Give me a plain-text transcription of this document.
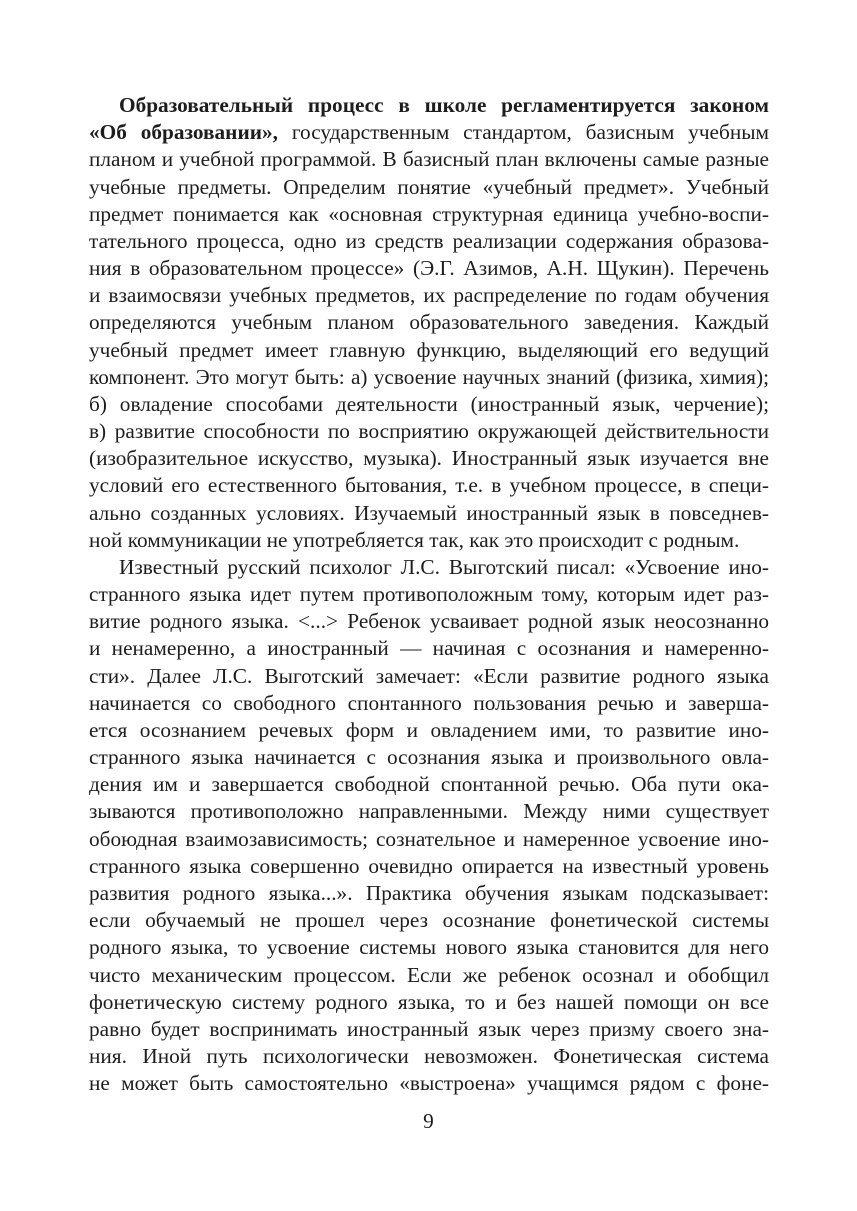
Образовательный процесс в школе регламентируется законом
«Об образовании», государственным стандартом, базисным учебным
планом и учебной программой. В базисный план включены самые разные
учебные предметы. Определим понятие «учебный предмет». Учебный
предмет понимается как «основная структурная единица учебно-воспи-
тательного процесса, одно из средств реализации содержания образова-
ния в образовательном процессе» (Э.Г. Азимов, А.Н. Щукин). Перечень
и взаимосвязи учебных предметов, их распределение по годам обучения
определяются учебным планом образовательного заведения. Каждый
учебный предмет имеет главную функцию, выделяющий его ведущий
компонент. Это могут быть: а) усвоение научных знаний (физика, химия);
б) овладение способами деятельности (иностранный язык, черчение);
в) развитие способности по восприятию окружающей действительности
(изобразительное искусство, музыка). Иностранный язык изучается вне
условий его естественного бытования, т.е. в учебном процессе, в специ-
ально созданных условиях. Изучаемый иностранный язык в повседнев-
ной коммуникации не употребляется так, как это происходит с родным.
Известный русский психолог Л.С. Выготский писал: «Усвоение ино-
странного языка идет путем противоположным тому, которым идет раз-
витие родного языка. <...> Ребенок усваивает родной язык неосознанно
и ненамеренно, а иностранный — начиная с осознания и намеренно-
сти». Далее Л.С. Выготский замечает: «Если развитие родного языка
начинается со свободного спонтанного пользования речью и заверша-
ется осознанием речевых форм и овладением ими, то развитие ино-
странного языка начинается с осознания языка и произвольного овла-
дения им и завершается свободной спонтанной речью. Оба пути ока-
зываются противоположно направленными. Между ними существует
обоюдная взаимозависимость; сознательное и намеренное усвоение ино-
странного языка совершенно очевидно опирается на известный уровень
развития родного языка...». Практика обучения языкам подсказывает:
если обучаемый не прошел через осознание фонетической системы
родного языка, то усвоение системы нового языка становится для него
чисто механическим процессом. Если же ребенок осознал и обобщил
фонетическую систему родного языка, то и без нашей помощи он все
равно будет воспринимать иностранный язык через призму своего зна-
ния. Иной путь психологически невозможен. Фонетическая система
не может быть самостоятельно «выстроена» учащимся рядом с фоне-
9
